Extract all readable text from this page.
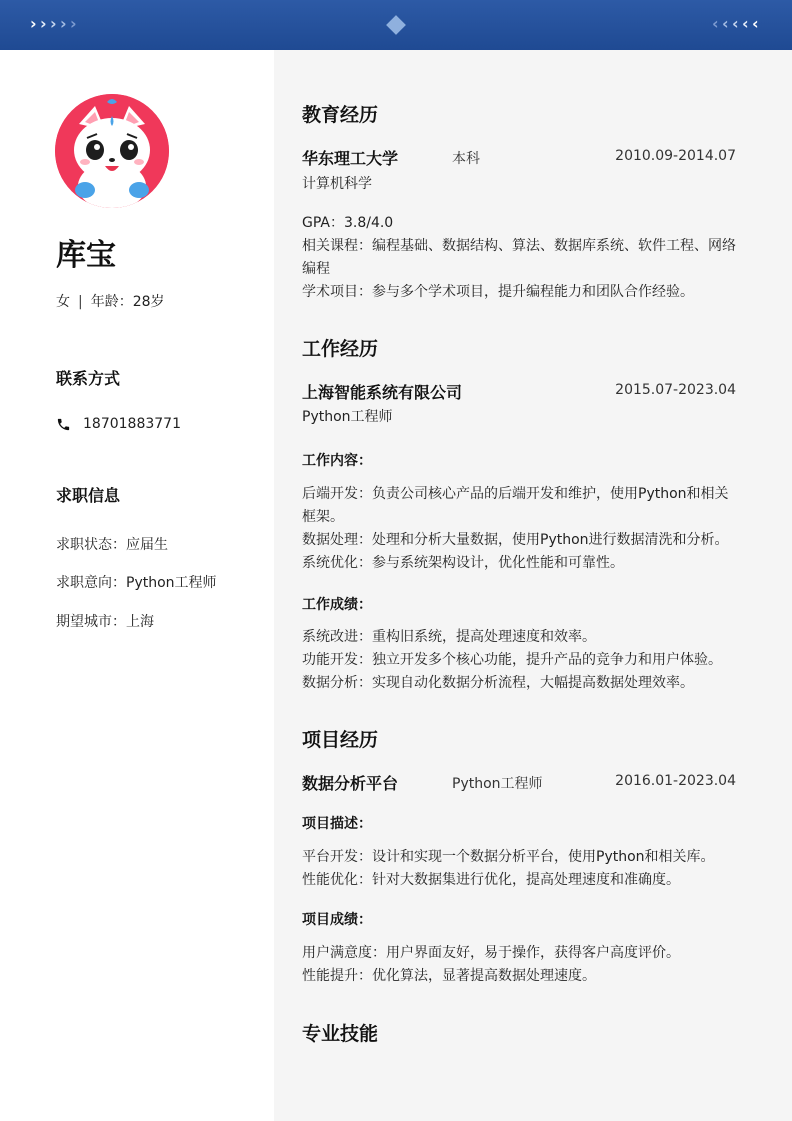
› › › › ›	‹ ‹ ‹ ‹ ‹
库宝
女 | 年龄：28岁
联系方式
18701883771
求职信息
求职状态：应届生
求职意向：Python工程师
期望城市：上海
教育经历
华东理工大学	本科	2010.09-2014.07
计算机科学
GPA：3.8/4.0
相关课程：编程基础、数据结构、算法、数据库系统、软件工程、网络编程
学术项目：参与多个学术项目，提升编程能力和团队合作经验。
工作经历
上海智能系统有限公司	2015.07-2023.04
Python工程师
工作内容：
后端开发：负责公司核心产品的后端开发和维护，使用Python和相关框架。
数据处理：处理和分析大量数据，使用Python进行数据清洗和分析。
系统优化：参与系统架构设计，优化性能和可靠性。
工作成绩：
系统改进：重构旧系统，提高处理速度和效率。
功能开发：独立开发多个核心功能，提升产品的竞争力和用户体验。
数据分析：实现自动化数据分析流程，大幅提高数据处理效率。
项目经历
数据分析平台	Python工程师	2016.01-2023.04
项目描述：
平台开发：设计和实现一个数据分析平台，使用Python和相关库。
性能优化：针对大数据集进行优化，提高处理速度和准确度。
项目成绩：
用户满意度：用户界面友好，易于操作，获得客户高度评价。
性能提升：优化算法，显著提高数据处理速度。
专业技能
